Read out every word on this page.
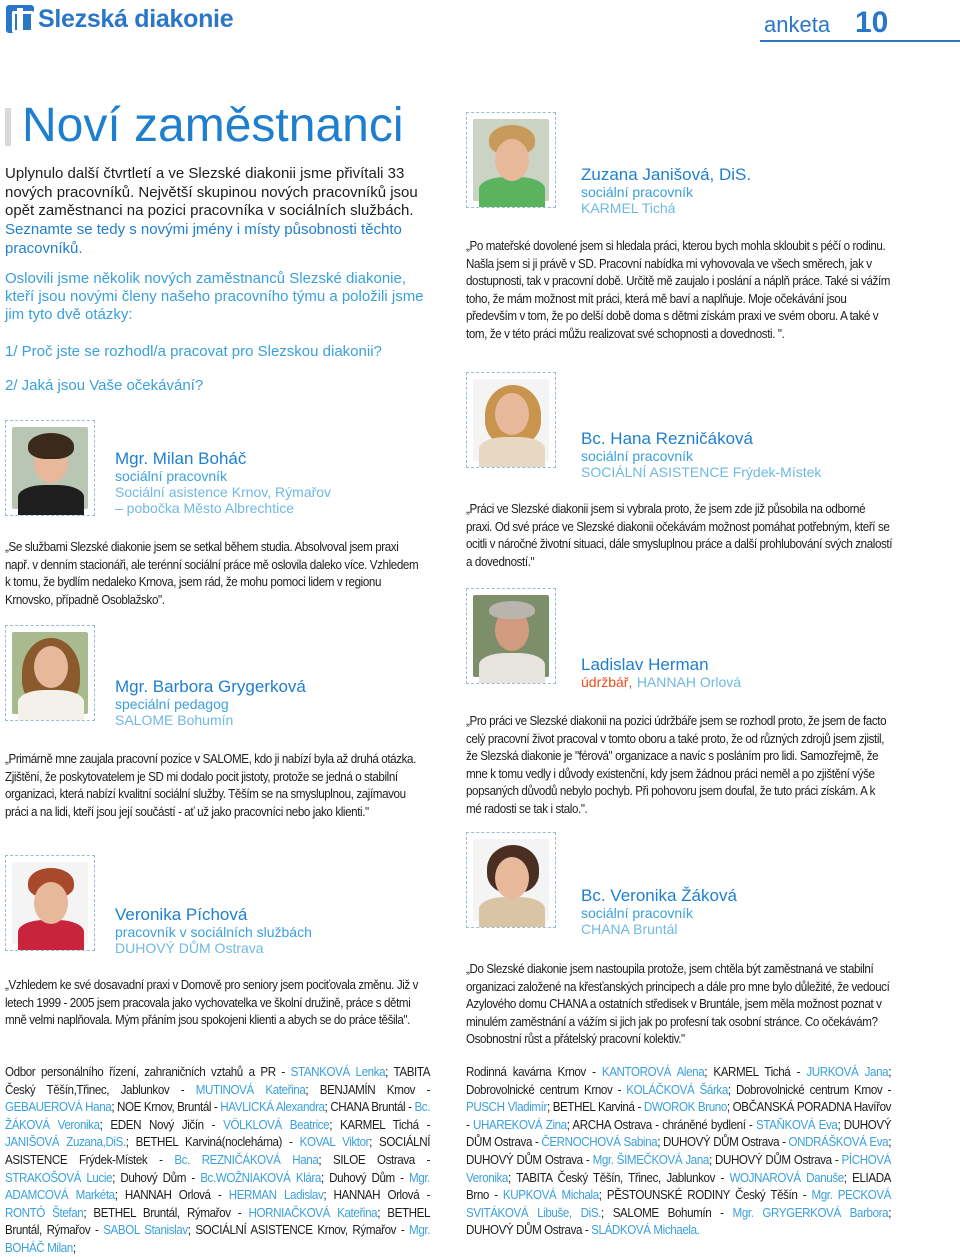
Slezská diakonie	anketa 10
Noví zaměstnanci

Uplynulo další čtvrtletí a ve Slezské diakonii jsme přivítali 33 nových pracovníků. Největší skupinou nových pracovníků jsou opět zaměstnanci na pozici pracovníka v sociálních službách. Seznamte se tedy s novými jmény i místy působnosti těchto pracovníků.

Oslovili jsme několik nových zaměstnanců Slezské diakonie, kteří jsou novými členy našeho pracovního týmu a položili jsme jim tyto dvě otázky:

1/ Proč jste se rozhodl/a pracovat pro Slezskou diakonii?

2/ Jaká jsou Vaše očekávání?

Mgr. Milan Boháč
sociální pracovník
Sociální asistence Krnov, Rýmařov
– pobočka Město Albrechtice

„Se službami Slezské diakonie jsem se setkal během studia. Absolvoval jsem praxi např. v denním stacionáři, ale terénní sociální práce mě oslovila daleko více. Vzhledem k tomu, že bydlím nedaleko Krnova, jsem rád, že mohu pomoci lidem v regionu Krnovsko, případně Osoblažsko".

Mgr. Barbora Grygerková
speciální pedagog
SALOME Bohumín

„Primárně mne zaujala pracovní pozice v SALOME, kdo ji nabízí byla až druhá otázka. Zjištění, že poskytovatelem je SD mi dodalo pocit jistoty, protože se jedná o stabilní organizaci, která nabízí kvalitní sociální služby. Těším se na smysluplnou, zajímavou práci a na lidi, kteří jsou její součástí - ať už jako pracovníci nebo jako klienti."

Veronika Píchová
pracovník v sociálních službách
DUHOVÝ DŮM Ostrava

„Vzhledem ke své dosavadní praxi v Domově pro seniory jsem pociťovala změnu. Již v letech 1999 - 2005 jsem pracovala jako vychovatelka ve školní družině, práce s dětmi mně velmi naplňovala. Mým přáním jsou spokojeni klienti a abych se do práce těšila".

Zuzana Janišová, DiS.
sociální pracovník
KARMEL Tichá

„Po mateřské dovolené jsem si hledala práci, kterou bych mohla skloubit s péčí o rodinu. Našla jsem si ji právě v SD. Pracovní nabídka mi vyhovovala ve všech směrech, jak v dostupnosti, tak v pracovní době. Určitě mě zaujalo i poslání a náplň práce. Také si vážím toho, že mám možnost mít práci, která mě baví a naplňuje. Moje očekávání jsou především v tom, že po delší době doma s dětmi získám praxi ve svém oboru. A také v tom, že v této práci můžu realizovat své schopnosti a dovednosti. ".

Bc. Hana Rezničáková
sociální pracovník
SOCIÁLNÍ ASISTENCE Frýdek-Místek

„Práci ve Slezské diakonii jsem si vybrala proto, že jsem zde již působila na odborné praxi. Od své práce ve Slezské diakonii očekávám možnost pomáhat potřebným, kteří se ocitli v náročné životní situaci, dále smysluplnou práce a další prohlubování svých znalostí a dovedností."

Ladislav Herman
údržbář, HANNAH Orlová

„Pro práci ve Slezské diakonii na pozici údržbáře jsem se rozhodl proto, že jsem de facto celý pracovní život pracoval v tomto oboru a také proto, že od různých zdrojů jsem zjistil, že Slezská diakonie je "férová" organizace a navíc s posláním pro lidi. Samozřejmě, že mne k tomu vedly i důvody existenční, kdy jsem žádnou práci neměl a po zjištění výše popsaných důvodů nebylo pochyb. Při pohovoru jsem doufal, že tuto práci získám. A k mé radosti se tak i stalo.".

Bc. Veronika Žáková
sociální pracovník
CHANA Bruntál

„Do Slezské diakonie jsem nastoupila protože, jsem chtěla být zaměstnaná ve stabilní organizaci založené na křesťanských principech a dále pro mne bylo důležité, že vedoucí Azylového domu CHANA a ostatních středisek v Bruntále, jsem měla možnost poznat v minulém zaměstnání a vážím si jich jak po profesní tak osobní stránce. Co očekávám? Osobnostní růst a přátelský pracovní kolektiv."

Odbor personálního řízení, zahraničních vztahů a PR - STANKOVÁ Lenka; TABITA Český Těšín,Třinec, Jablunkov - MUTINOVÁ Kateřina; BENJAMÍN Krnov - GEBAUEROVÁ Hana; NOE Krnov, Bruntál - HAVLICKÁ Alexandra; CHANA Bruntál - Bc. ŽÁKOVÁ Veronika; EDEN Nový Jičín - VÖLKLOVÁ Beatrice; KARMEL Tichá - JANIŠOVÁ Zuzana,DiS.; BETHEL Karviná(noclehárna) - KOVAL Viktor; SOCIÁLNÍ ASISTENCE Frýdek-Místek - Bc. REZNIČÁKOVÁ Hana; SILOE Ostrava - STRAKOŠOVÁ Lucie; Duhový Dům - Bc.WOŽNIAKOVÁ Klára; Duhový Dům - Mgr. ADAMCOVÁ Markéta; HANNAH Orlová - HERMAN Ladislav; HANNAH Orlová - RONTÓ Štefan; BETHEL Bruntál, Rýmařov - HORNIAČKOVÁ Kateřina; BETHEL Bruntál, Rýmařov - SABOL Stanislav; SOCIÁLNÍ ASISTENCE Krnov, Rýmařov - Mgr. BOHÁČ Milan;

Rodinná kavárna Krnov - KANTOROVÁ Alena; KARMEL Tichá - JURKOVÁ Jana; Dobrovolnické centrum Krnov - KOLÁČKOVÁ Šárka; Dobrovolnické centrum Krnov - PUSCH Vladimír; BETHEL Karviná - DWOROK Bruno; OBČANSKÁ PORADNA Havířov - UHAREKOVÁ Zina; ARCHA Ostrava - chráněné bydlení - STAŇKOVÁ Eva; DUHOVÝ DŮM Ostrava - ČERNOCHOVÁ Sabina; DUHOVÝ DŮM Ostrava - ONDRÁŠKOVÁ Eva; DUHOVÝ DŮM Ostrava - Mgr. ŠIMEČKOVÁ Jana; DUHOVÝ DŮM Ostrava - PÍCHOVÁ Veronika; TABITA Český Těšín, Třinec, Jablunkov - WOJNAROVÁ Danuše; ELIADA Brno - KUPKOVÁ Michala; PĚSTOUNSKÉ RODINY Český Těšín - Mgr. PECKOVÁ SVITÁKOVÁ Libuše, DiS.; SALOME Bohumín - Mgr. GRYGERKOVÁ Barbora; DUHOVÝ DŮM Ostrava - SLÁDKOVÁ Michaela.
